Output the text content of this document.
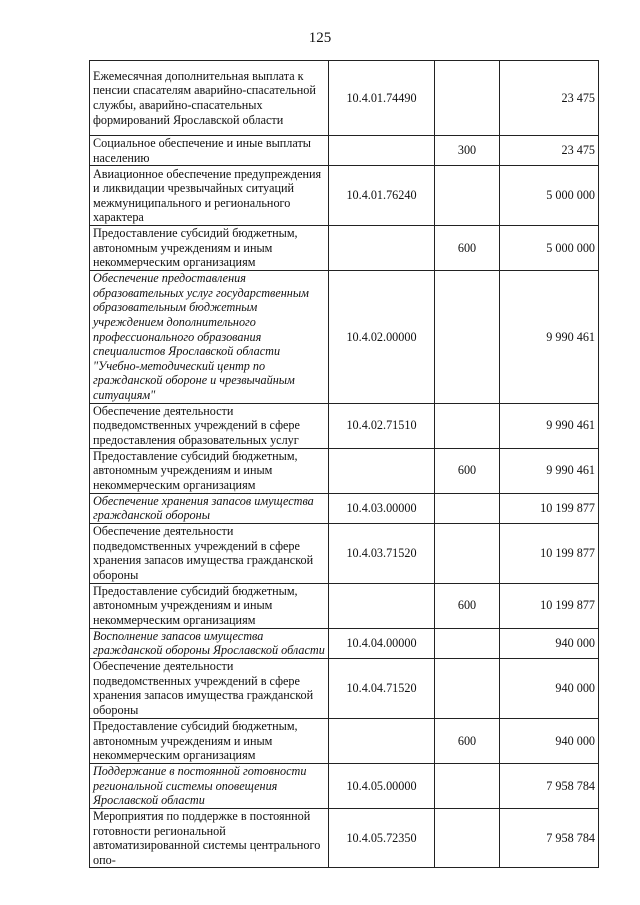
125
Ежемесячная дополнительная выплата к пенсии спасателям аварийно-спасательной службы, аварийно-спасательных формирований Ярославской области	10.4.01.74490		23 475
Социальное обеспечение и иные выплаты населению		300	23 475
Авиационное обеспечение предупреждения и ликвидации чрезвычайных ситуаций межмуниципального и регионального характера	10.4.01.76240		5 000 000
Предоставление субсидий бюджетным, автономным учреждениям и иным некоммерческим организациям		600	5 000 000
Обеспечение предоставления образовательных услуг государственным образовательным бюджетным учреждением дополнительного профессионального образования специалистов Ярославской области "Учебно-методический центр по гражданской обороне и чрезвычайным ситуациям"	10.4.02.00000		9 990 461
Обеспечение деятельности подведомственных учреждений в сфере предоставления образовательных услуг	10.4.02.71510		9 990 461
Предоставление субсидий бюджетным, автономным учреждениям и иным некоммерческим организациям		600	9 990 461
Обеспечение хранения запасов имущества гражданской обороны	10.4.03.00000		10 199 877
Обеспечение деятельности подведомственных учреждений в сфере хранения запасов имущества гражданской обороны	10.4.03.71520		10 199 877
Предоставление субсидий бюджетным, автономным учреждениям и иным некоммерческим организациям		600	10 199 877
Восполнение запасов имущества гражданской обороны Ярославской области	10.4.04.00000		940 000
Обеспечение деятельности подведомственных учреждений в сфере хранения запасов имущества гражданской обороны	10.4.04.71520		940 000
Предоставление субсидий бюджетным, автономным учреждениям и иным некоммерческим организациям		600	940 000
Поддержание в постоянной готовности региональной системы оповещения Ярославской области	10.4.05.00000		7 958 784
Мероприятия по поддержке в постоянной готовности региональной автоматизированной системы центрального опо-	10.4.05.72350		7 958 784
